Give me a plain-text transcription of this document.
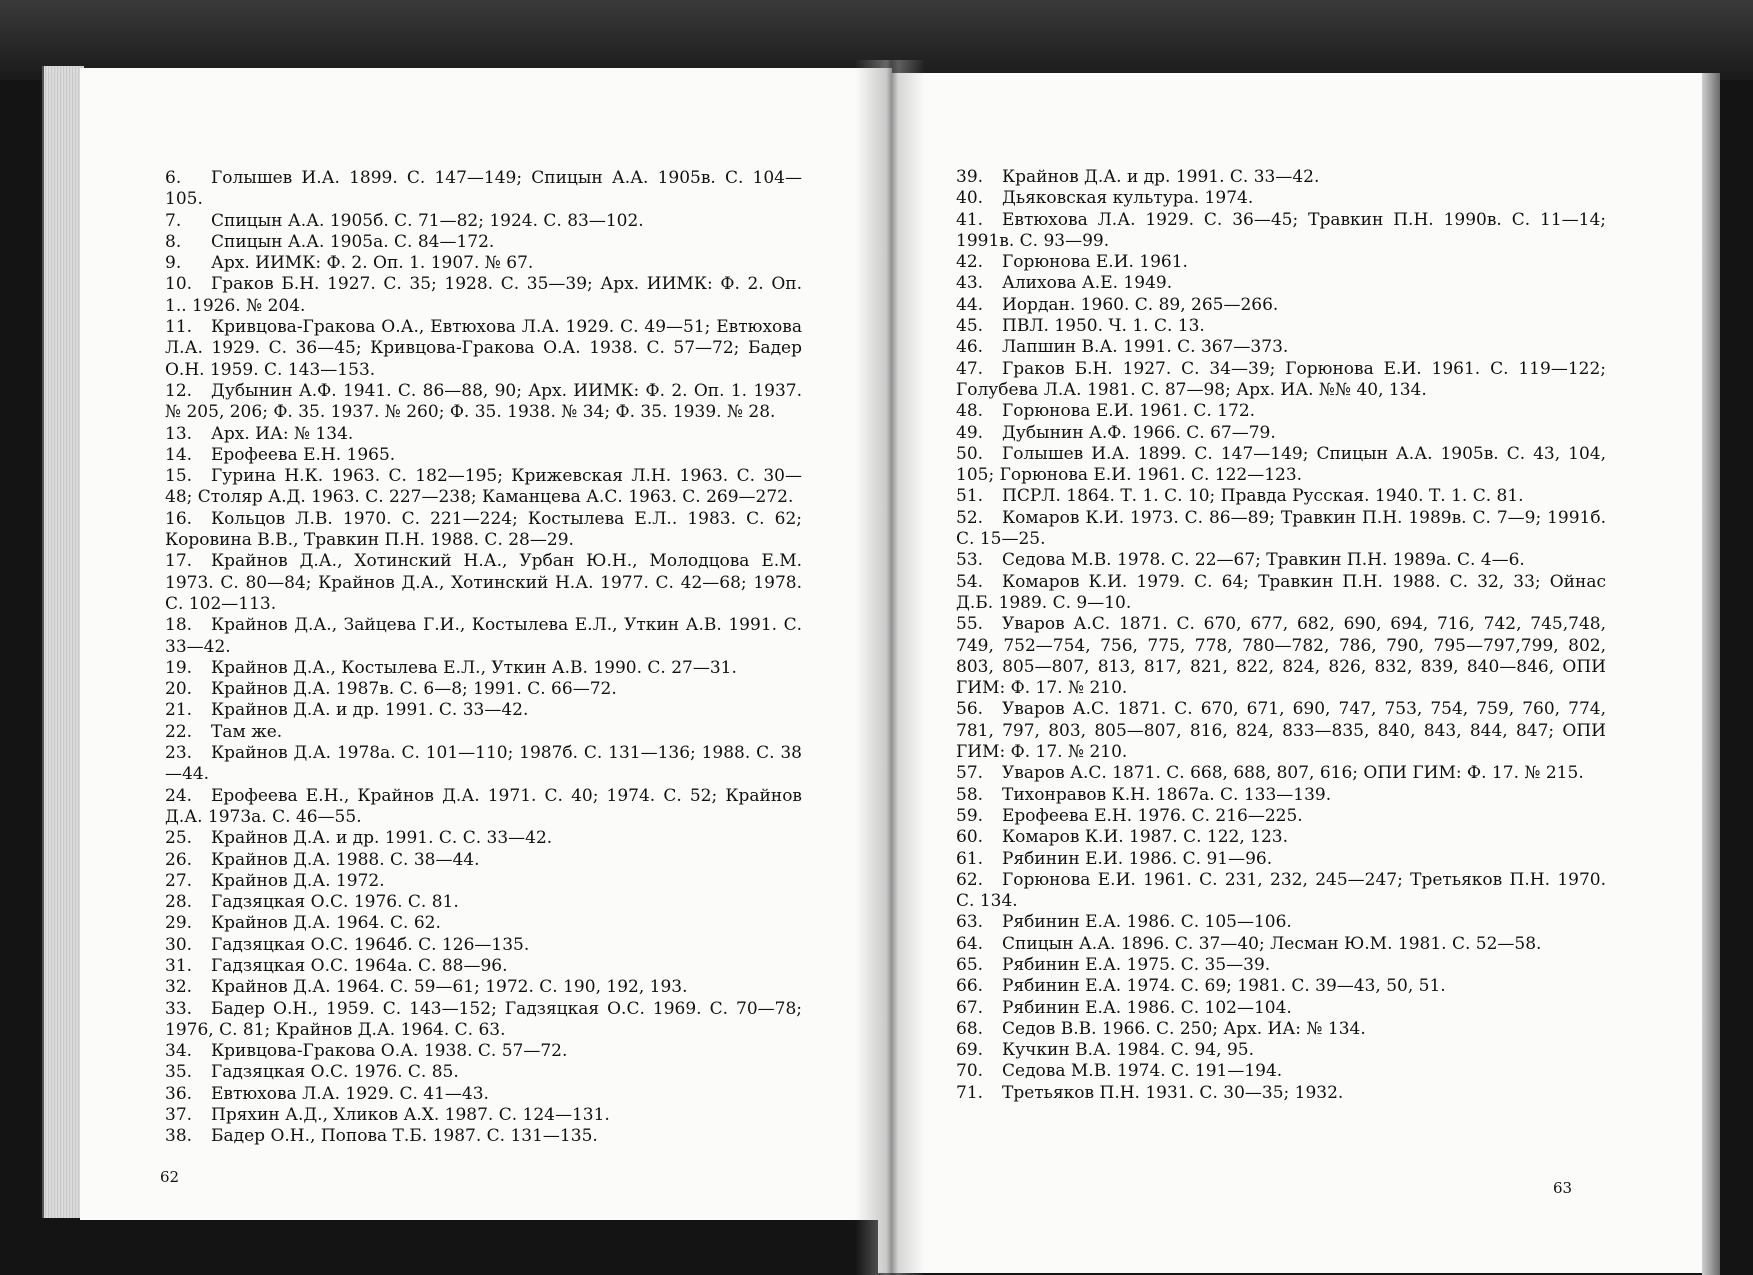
6. Голышев И.А. 1899. С. 147—149; Спицын А.А. 1905в. С. 104—105.

7. Спицын А.А. 1905б. С. 71—82; 1924. С. 83—102.

8. Спицын А.А. 1905а. С. 84—172.

9. Арх. ИИМК: Ф. 2. Оп. 1. 1907. № 67.

10. Граков Б.Н. 1927. С. 35; 1928. С. 35—39; Арх. ИИМК: Ф. 2. Оп. 1.. 1926. № 204.

11. Кривцова-Гракова О.А., Евтюхова Л.А. 1929. С. 49—51; Евтюхова Л.А. 1929. С. 36—45; Кривцова-Гракова О.А. 1938. С. 57—72; Бадер О.Н. 1959. С. 143—153.

12. Дубынин А.Ф. 1941. С. 86—88, 90; Арх. ИИМК: Ф. 2. Оп. 1. 1937. № 205, 206; Ф. 35. 1937. № 260; Ф. 35. 1938. № 34; Ф. 35. 1939. № 28.

13. Арх. ИА: № 134.

14. Ерофеева Е.Н. 1965.

15. Гурина Н.К. 1963. С. 182—195; Крижевская Л.Н. 1963. С. 30—48; Столяр А.Д. 1963. С. 227—238; Каманцева А.С. 1963. С. 269—272.

16. Кольцов Л.В. 1970. С. 221—224; Костылева Е.Л.. 1983. С. 62; Коровина В.В., Травкин П.Н. 1988. С. 28—29.

17. Крайнов Д.А., Хотинский Н.А., Урбан Ю.Н., Молодцова Е.М. 1973. С. 80—84; Крайнов Д.А., Хотинский Н.А. 1977. С. 42—68; 1978. С. 102—113.

18. Крайнов Д.А., Зайцева Г.И., Костылева Е.Л., Уткин А.В. 1991. С. 33—42.

19. Крайнов Д.А., Костылева Е.Л., Уткин А.В. 1990. С. 27—31.

20. Крайнов Д.А. 1987в. С. 6—8; 1991. С. 66—72.

21. Крайнов Д.А. и др. 1991. С. 33—42.

22. Там же.

23. Крайнов Д.А. 1978а. С. 101—110; 1987б. С. 131—136; 1988. С. 38—44.

24. Ерофеева Е.Н., Крайнов Д.А. 1971. С. 40; 1974. С. 52; Крайнов Д.А. 1973а. С. 46—55.

25. Крайнов Д.А. и др. 1991. С. С. 33—42.

26. Крайнов Д.А. 1988. С. 38—44.

27. Крайнов Д.А. 1972.

28. Гадзяцкая О.С. 1976. С. 81.

29. Крайнов Д.А. 1964. С. 62.

30. Гадзяцкая О.С. 1964б. С. 126—135.

31. Гадзяцкая О.С. 1964а. С. 88—96.

32. Крайнов Д.А. 1964. С. 59—61; 1972. С. 190, 192, 193.

33. Бадер О.Н., 1959. С. 143—152; Гадзяцкая О.С. 1969. С. 70—78; 1976, С. 81; Крайнов Д.А. 1964. С. 63.

34. Кривцова-Гракова О.А. 1938. С. 57—72.

35. Гадзяцкая О.С. 1976. С. 85.

36. Евтюхова Л.А. 1929. С. 41—43.

37. Пряхин А.Д., Хликов А.Х. 1987. С. 124—131.

38. Бадер О.Н., Попова Т.Б. 1987. С. 131—135.

62

39. Крайнов Д.А. и др. 1991. С. 33—42.

40. Дьяковская культура. 1974.

41. Евтюхова Л.А. 1929. С. 36—45; Травкин П.Н. 1990в. С. 11—14; 1991в. С. 93—99.

42. Горюнова Е.И. 1961.

43. Алихова А.Е. 1949.

44. Иордан. 1960. С. 89, 265—266.

45. ПВЛ. 1950. Ч. 1. С. 13.

46. Лапшин В.А. 1991. С. 367—373.

47. Граков Б.Н. 1927. С. 34—39; Горюнова Е.И. 1961. С. 119—122; Голубева Л.А. 1981. С. 87—98; Арх. ИА. №№ 40, 134.

48. Горюнова Е.И. 1961. С. 172.

49. Дубынин А.Ф. 1966. С. 67—79.

50. Голышев И.А. 1899. С. 147—149; Спицын А.А. 1905в. С. 43, 104, 105; Горюнова Е.И. 1961. С. 122—123.

51. ПСРЛ. 1864. Т. 1. С. 10; Правда Русская. 1940. Т. 1. С. 81.

52. Комаров К.И. 1973. С. 86—89; Травкин П.Н. 1989в. С. 7—9; 1991б. С. 15—25.

53. Седова М.В. 1978. С. 22—67; Травкин П.Н. 1989а. С. 4—6.

54. Комаров К.И. 1979. С. 64; Травкин П.Н. 1988. С. 32, 33; Ойнас Д.Б. 1989. С. 9—10.

55. Уваров А.С. 1871. С. 670, 677, 682, 690, 694, 716, 742, 745,748, 749, 752—754, 756, 775, 778, 780—782, 786, 790, 795—797,799, 802, 803, 805—807, 813, 817, 821, 822, 824, 826, 832, 839, 840—846, ОПИ ГИМ: Ф. 17. № 210.

56. Уваров А.С. 1871. С. 670, 671, 690, 747, 753, 754, 759, 760, 774, 781, 797, 803, 805—807, 816, 824, 833—835, 840, 843, 844, 847; ОПИ ГИМ: Ф. 17. № 210.

57. Уваров А.С. 1871. С. 668, 688, 807, 616; ОПИ ГИМ: Ф. 17. № 215.

58. Тихонравов К.Н. 1867а. С. 133—139.

59. Ерофеева Е.Н. 1976. С. 216—225.

60. Комаров К.И. 1987. С. 122, 123.

61. Рябинин Е.И. 1986. С. 91—96.

62. Горюнова Е.И. 1961. С. 231, 232, 245—247; Третьяков П.Н. 1970. С. 134.

63. Рябинин Е.А. 1986. С. 105—106.

64. Спицын А.А. 1896. С. 37—40; Лесман Ю.М. 1981. С. 52—58.

65. Рябинин Е.А. 1975. С. 35—39.

66. Рябинин Е.А. 1974. С. 69; 1981. С. 39—43, 50, 51.

67. Рябинин Е.А. 1986. С. 102—104.

68. Седов В.В. 1966. С. 250; Арх. ИА: № 134.

69. Кучкин В.А. 1984. С. 94, 95.

70. Седова М.В. 1974. С. 191—194.

71. Третьяков П.Н. 1931. С. 30—35; 1932.

63
